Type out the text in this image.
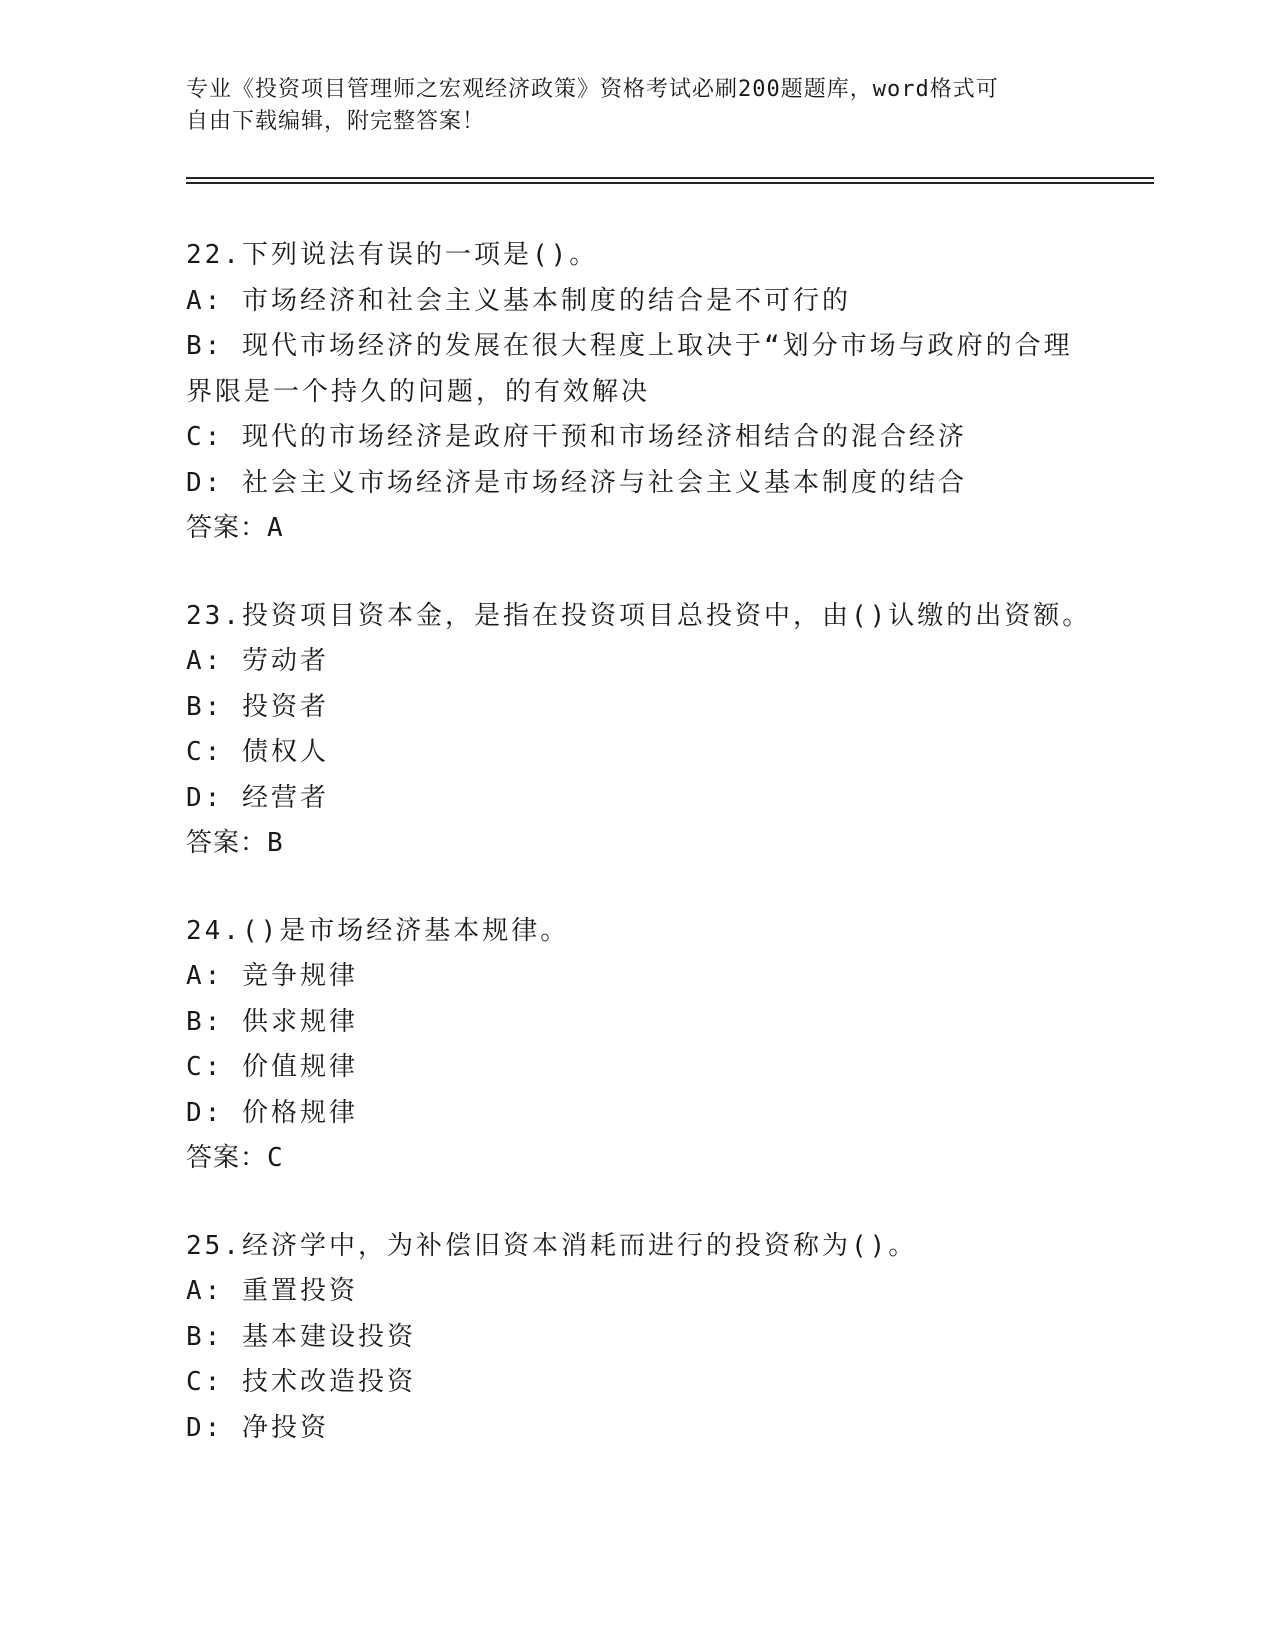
专业《投资项目管理师之宏观经济政策》资格考试必刷200题题库，word格式可
自由下载编辑，附完整答案！
22.下列说法有误的一项是()。
A: 市场经济和社会主义基本制度的结合是不可行的
B: 现代市场经济的发展在很大程度上取决于“划分市场与政府的合理
界限是一个持久的问题，的有效解决
C: 现代的市场经济是政府干预和市场经济相结合的混合经济
D: 社会主义市场经济是市场经济与社会主义基本制度的结合
答案：A
23.投资项目资本金，是指在投资项目总投资中，由()认缴的出资额。
A: 劳动者
B: 投资者
C: 债权人
D: 经营者
答案：B
24.()是市场经济基本规律。
A: 竞争规律
B: 供求规律
C: 价值规律
D: 价格规律
答案：C
25.经济学中，为补偿旧资本消耗而进行的投资称为()。
A: 重置投资
B: 基本建设投资
C: 技术改造投资
D: 净投资
